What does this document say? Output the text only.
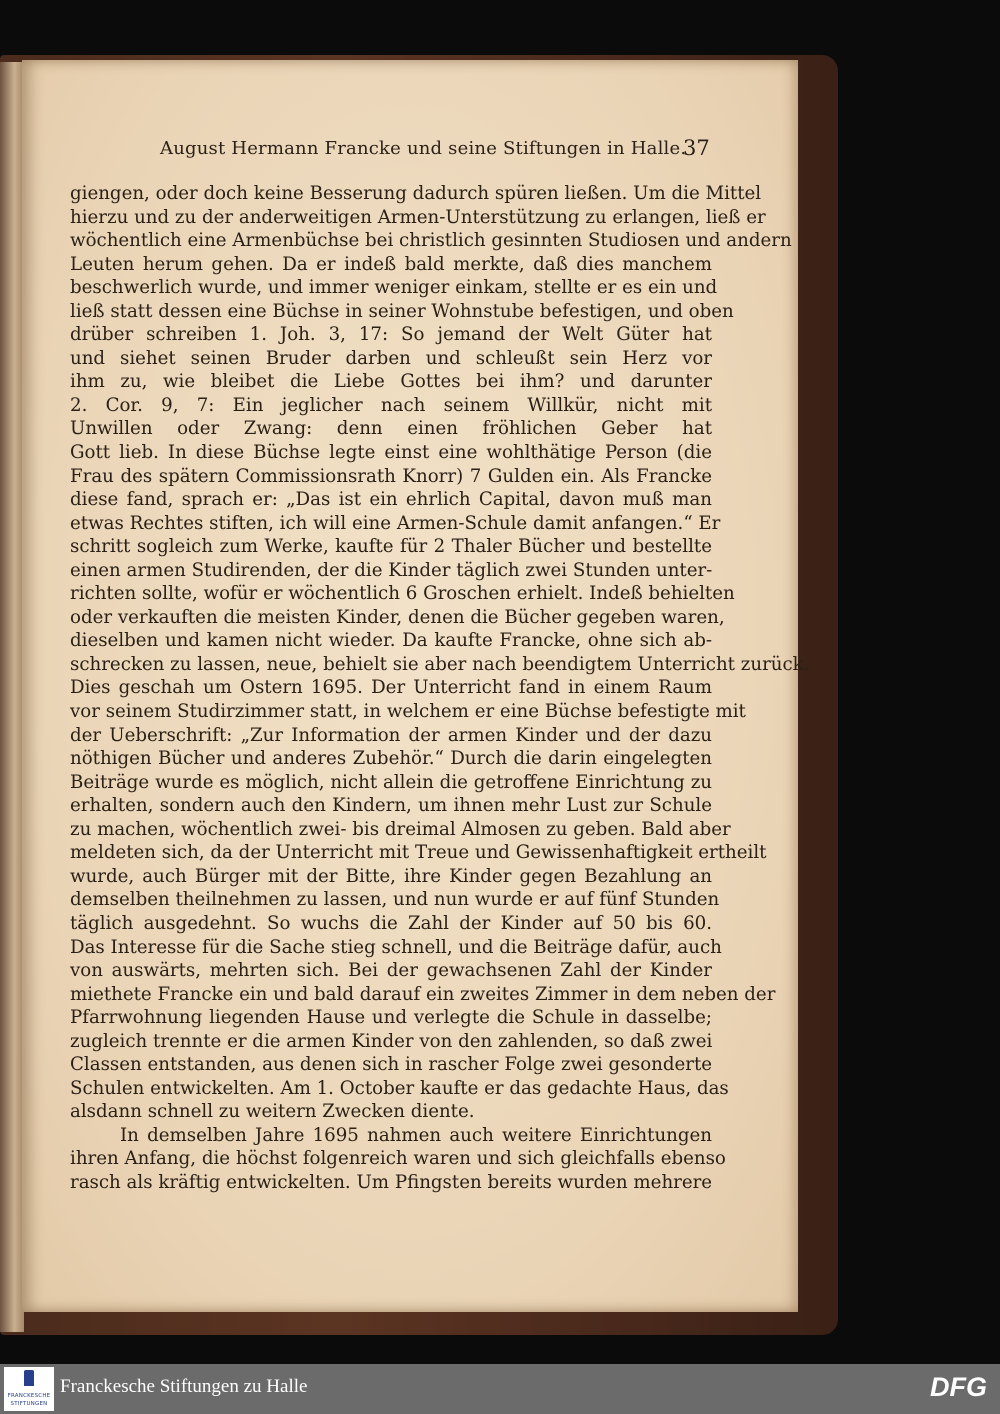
August Hermann Francke und seine Stiftungen in Halle.
37
giengen, oder doch keine Besserung dadurch spüren ließen. Um die Mittel
hierzu und zu der anderweitigen Armen-Unterstützung zu erlangen, ließ er
wöchentlich eine Armenbüchse bei christlich gesinnten Studiosen und andern
Leuten herum gehen. Da er indeß bald merkte, daß dies manchem
beschwerlich wurde, und immer weniger einkam, stellte er es ein und
ließ statt dessen eine Büchse in seiner Wohnstube befestigen, und oben
drüber schreiben 1. Joh. 3, 17: So jemand der Welt Güter hat
und siehet seinen Bruder darben und schleußt sein Herz vor
ihm zu, wie bleibet die Liebe Gottes bei ihm? und darunter
2. Cor. 9, 7: Ein jeglicher nach seinem Willkür, nicht mit
Unwillen oder Zwang: denn einen fröhlichen Geber hat
Gott lieb. In diese Büchse legte einst eine wohlthätige Person (die
Frau des spätern Commissionsrath Knorr) 7 Gulden ein. Als Francke
diese fand, sprach er: „Das ist ein ehrlich Capital, davon muß man
etwas Rechtes stiften, ich will eine Armen-Schule damit anfangen.“ Er
schritt sogleich zum Werke, kaufte für 2 Thaler Bücher und bestellte
einen armen Studirenden, der die Kinder täglich zwei Stunden unter-
richten sollte, wofür er wöchentlich 6 Groschen erhielt. Indeß behielten
oder verkauften die meisten Kinder, denen die Bücher gegeben waren,
dieselben und kamen nicht wieder. Da kaufte Francke, ohne sich ab-
schrecken zu lassen, neue, behielt sie aber nach beendigtem Unterricht zurück.
Dies geschah um Ostern 1695. Der Unterricht fand in einem Raum
vor seinem Studirzimmer statt, in welchem er eine Büchse befestigte mit
der Ueberschrift: „Zur Information der armen Kinder und der dazu
nöthigen Bücher und anderes Zubehör.“ Durch die darin eingelegten
Beiträge wurde es möglich, nicht allein die getroffene Einrichtung zu
erhalten, sondern auch den Kindern, um ihnen mehr Lust zur Schule
zu machen, wöchentlich zwei- bis dreimal Almosen zu geben. Bald aber
meldeten sich, da der Unterricht mit Treue und Gewissenhaftigkeit ertheilt
wurde, auch Bürger mit der Bitte, ihre Kinder gegen Bezahlung an
demselben theilnehmen zu lassen, und nun wurde er auf fünf Stunden
täglich ausgedehnt. So wuchs die Zahl der Kinder auf 50 bis 60.
Das Interesse für die Sache stieg schnell, und die Beiträge dafür, auch
von auswärts, mehrten sich. Bei der gewachsenen Zahl der Kinder
miethete Francke ein und bald darauf ein zweites Zimmer in dem neben der
Pfarrwohnung liegenden Hause und verlegte die Schule in dasselbe;
zugleich trennte er die armen Kinder von den zahlenden, so daß zwei
Classen entstanden, aus denen sich in rascher Folge zwei gesonderte
Schulen entwickelten. Am 1. October kaufte er das gedachte Haus, das
alsdann schnell zu weitern Zwecken diente.
In demselben Jahre 1695 nahmen auch weitere Einrichtungen
ihren Anfang, die höchst folgenreich waren und sich gleichfalls ebenso
rasch als kräftig entwickelten. Um Pfingsten bereits wurden mehrere
FRANCKESCHE
STIFTUNGEN
Franckesche Stiftungen zu Halle	DFG
